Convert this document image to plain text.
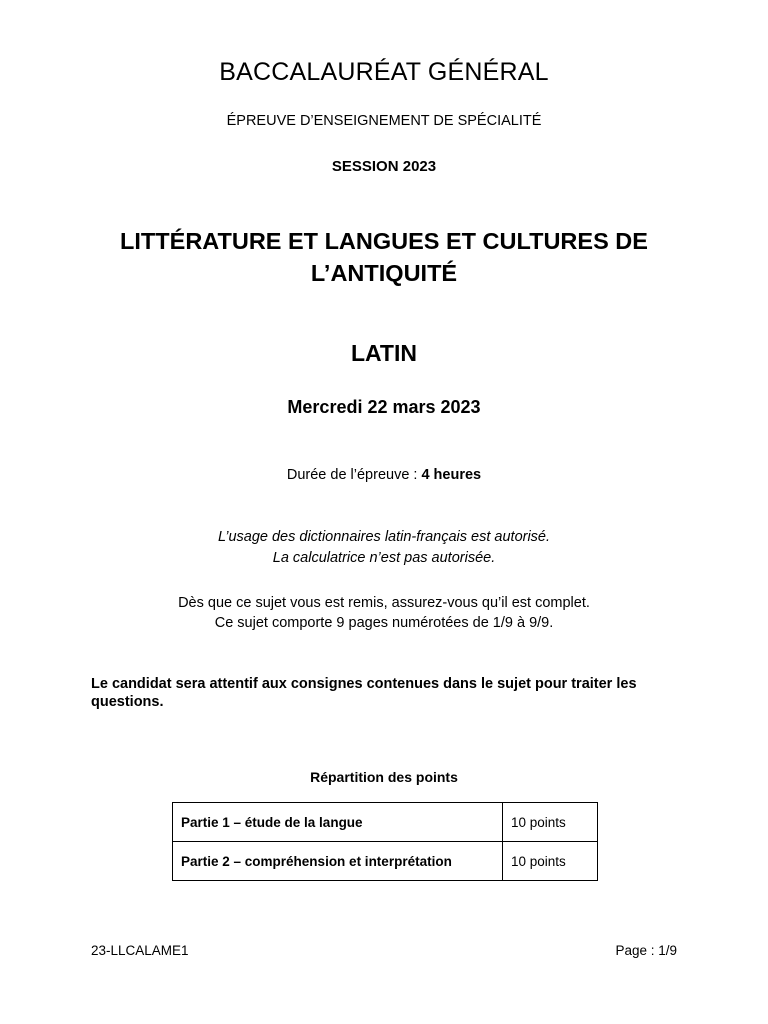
BACCALAURÉAT GÉNÉRAL
ÉPREUVE D’ENSEIGNEMENT DE SPÉCIALITÉ
SESSION 2023
LITTÉRATURE ET LANGUES ET CULTURES DE
L’ANTIQUITÉ
LATIN
Mercredi 22 mars 2023
Durée de l’épreuve : 4 heures
L’usage des dictionnaires latin-français est autorisé.
La calculatrice n’est pas autorisée.
Dès que ce sujet vous est remis, assurez-vous qu’il est complet.
Ce sujet comporte 9 pages numérotées de 1/9 à 9/9.
Le candidat sera attentif aux consignes contenues dans le sujet pour traiter les questions.
Répartition des points
Partie 1 – étude de la langue	10 points
Partie 2 – compréhension et interprétation	10 points
23-LLCALAME1	Page : 1/9
